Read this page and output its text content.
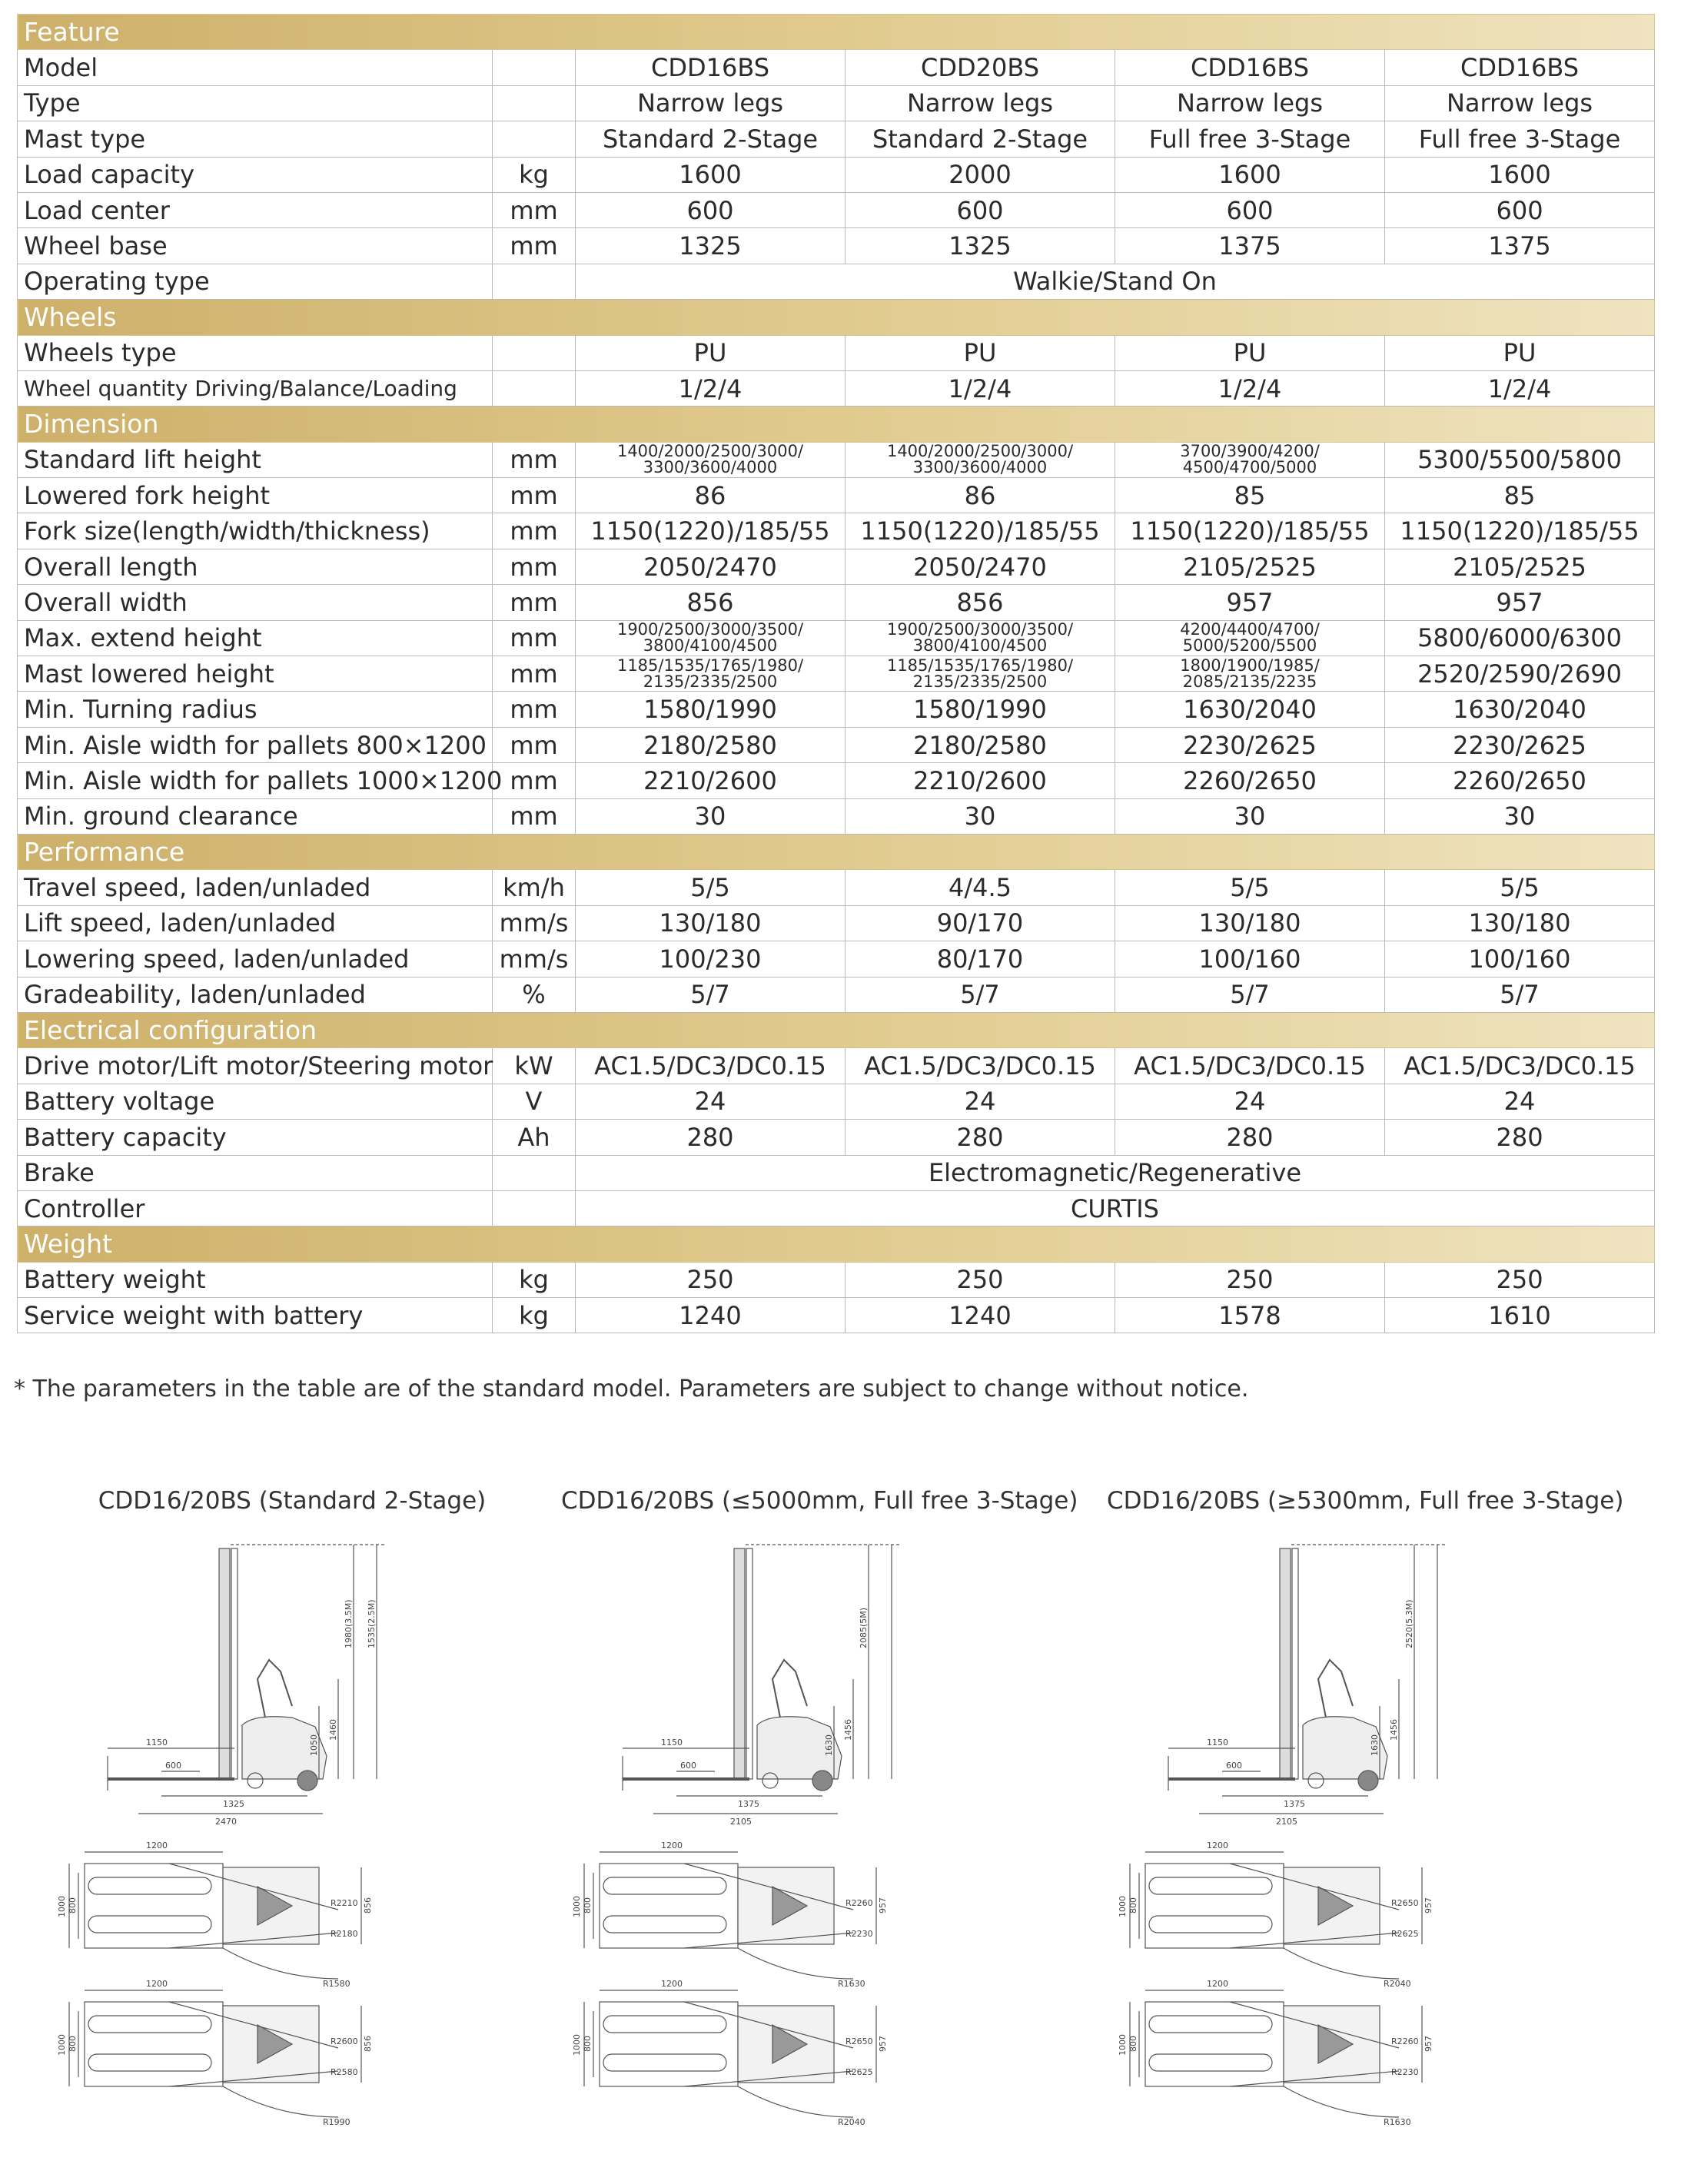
Feature					
Model		CDD16BS	CDD20BS	CDD16BS	CDD16BS
Type		Narrow legs	Narrow legs	Narrow legs	Narrow legs
Mast type		Standard 2-Stage	Standard 2-Stage	Full free 3-Stage	Full free 3-Stage
Load capacity	kg	1600	2000	1600	1600
Load center	mm	600	600	600	600
Wheel base	mm	1325	1325	1375	1375
Operating type		Walkie/Stand On			
Wheels					
Wheels type		PU	PU	PU	PU
Wheel quantity Driving/Balance/Loading		1/2/4	1/2/4	1/2/4	1/2/4
Dimension					
Standard lift height	mm	1400/2000/2500/3000/ 3300/3600/4000	1400/2000/2500/3000/ 3300/3600/4000	3700/3900/4200/ 4500/4700/5000	5300/5500/5800
Lowered fork height	mm	86	86	85	85
Fork size(length/width/thickness)	mm	1150(1220)/185/55	1150(1220)/185/55	1150(1220)/185/55	1150(1220)/185/55
Overall length	mm	2050/2470	2050/2470	2105/2525	2105/2525
Overall width	mm	856	856	957	957
Max. extend height	mm	1900/2500/3000/3500/ 3800/4100/4500	1900/2500/3000/3500/ 3800/4100/4500	4200/4400/4700/ 5000/5200/5500	5800/6000/6300
Mast lowered height	mm	1185/1535/1765/1980/ 2135/2335/2500	1185/1535/1765/1980/ 2135/2335/2500	1800/1900/1985/ 2085/2135/2235	2520/2590/2690
Min. Turning radius	mm	1580/1990	1580/1990	1630/2040	1630/2040
Min. Aisle width for pallets 800×1200	mm	2180/2580	2180/2580	2230/2625	2230/2625
Min. Aisle width for pallets 1000×1200	mm	2210/2600	2210/2600	2260/2650	2260/2650
Min. ground clearance	mm	30	30	30	30
Performance					
Travel speed, laden/unladed	km/h	5/5	4/4.5	5/5	5/5
Lift speed, laden/unladed	mm/s	130/180	90/170	130/180	130/180
Lowering speed, laden/unladed	mm/s	100/230	80/170	100/160	100/160
Gradeability, laden/unladed	%	5/7	5/7	5/7	5/7
Electrical configuration					
Drive motor/Lift motor/Steering motor	kW	AC1.5/DC3/DC0.15	AC1.5/DC3/DC0.15	AC1.5/DC3/DC0.15	AC1.5/DC3/DC0.15
Battery voltage	V	24	24	24	24
Battery capacity	Ah	280	280	280	280
Brake		Electromagnetic/Regenerative			
Controller		CURTIS			
Weight					
Battery weight	kg	250	250	250	250
Service weight with battery	kg	1240	1240	1578	1610
* The parameters in the table are of the standard model. Parameters are subject to change without notice.
CDD16/20BS (Standard 2-Stage)
1150
600
1325
2470
1050
1460
1980(3.5M) 1535(2.5M)
1200
1000 800	R2210
R2180
856
R1580
1200
1000 800	R2600
R2580
856
R1990
CDD16/20BS (≤5000mm, Full free 3-Stage)
1150
600
1375
2105
1630
1456
2085(5M)
1200
1000 800	R2260
R2230
957
R1630
1200
1000 800	R2650
R2625
957
R2040
CDD16/20BS (≥5300mm, Full free 3-Stage)
1150
600
1375
2105
1630
1456
2520(5.3M)
1200
1000 800	R2650
R2625
957
R2040
1200
1000 800	R2260
R2230
957
R1630
